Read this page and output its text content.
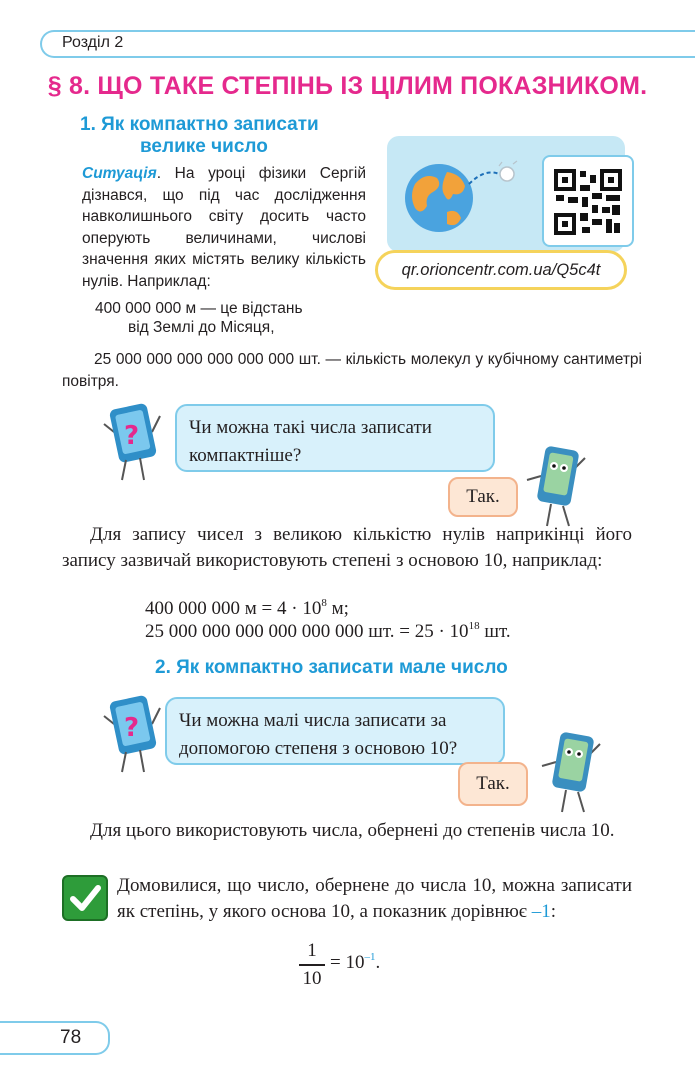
Розділ 2
§ 8. ЩО ТАКЕ СТЕПІНЬ ІЗ ЦІЛИМ ПОКАЗНИКОМ.
1. Як компактно записати
велике число
Ситуація. На уроці фізики Сергій дізнався, що під час дослідження навколишнього світу досить часто оперують величинами, числові значення яких містять велику кількість нулів. Наприклад:
400 000 000 м — це відстань
від Землі до Місяця,
25 000 000 000 000 000 000 шт. — кількість молекул у кубічному сантиметрі повітря.
qr.orioncentr.com.ua/Q5c4t
?	Чи можна такі числа записати компактніше?
Так.
Для запису чисел з великою кількістю нулів наприкінці його запису зазвичай використовують степені з основою 10, наприклад:
400 000 000 $м = 4 \cdot 10^8$ м;
25 000 000 000 000 000 000 шт. = $25 \cdot 10^{18}$ шт.
2. Як компактно записати мале число
?	Чи можна малі числа записати за допомогою степеня з основою 10?
Так.
Для цього використовують числа, обернені до степенів числа 10.
Домовилися, що число, обернене до числа 10, можна записати як степінь, у якого основа 10, а показник дорівнює –1:
1
10
= $10^{-1}$.
78
